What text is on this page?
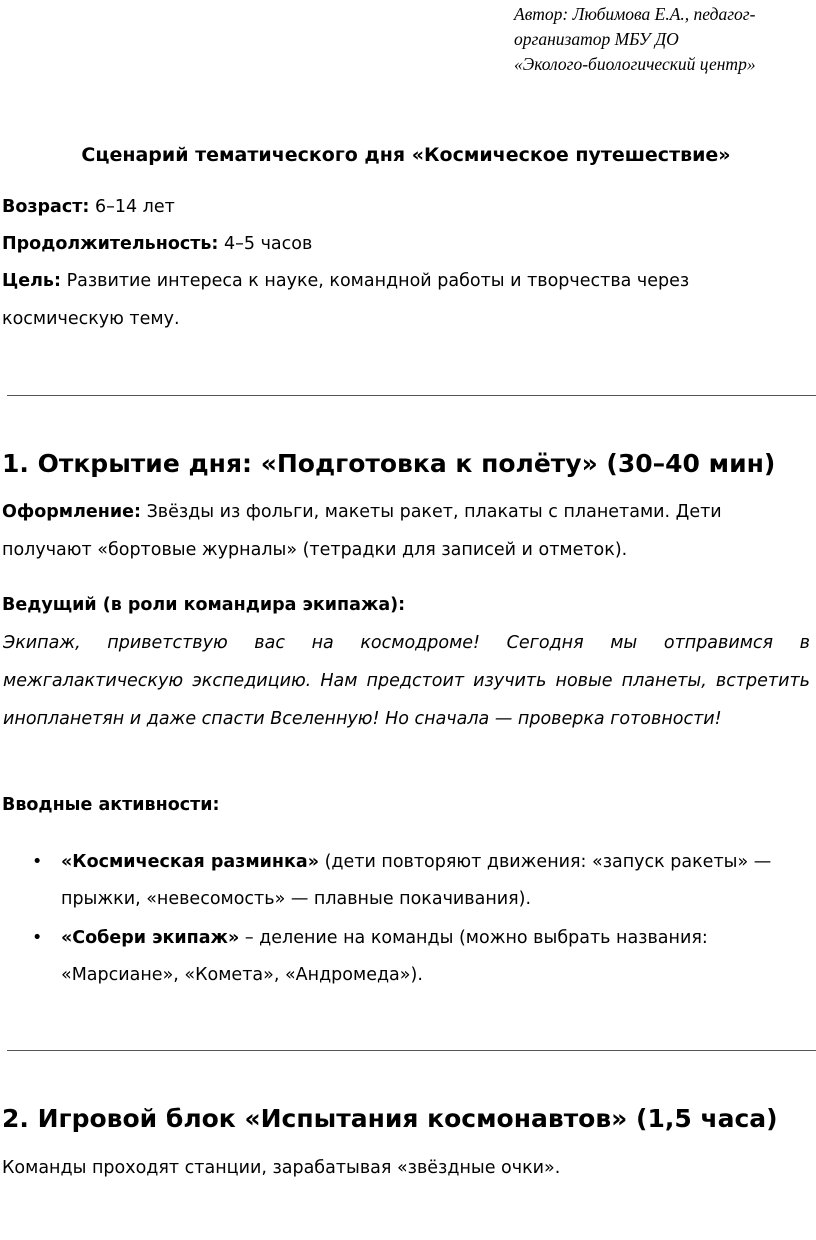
Автор: Любимова Е.А., педагог-
организатор МБУ ДО
«Эколого-биологический центр»
Сценарий тематического дня «Космическое путешествие»
Возраст: 6–14 лет
Продолжительность: 4–5 часов
Цель: Развитие интереса к науке, командной работы и творчества через
космическую тему.
1. Открытие дня: «Подготовка к полёту» (30–40 мин)
Оформление: Звёзды из фольги, макеты ракет, плакаты с планетами. Дети
получают «бортовые журналы» (тетрадки для записей и отметок).
Ведущий (в роли командира экипажа):
Экипаж, приветствую вас на космодроме! Сегодня мы отправимся в межгалактическую экспедицию. Нам предстоит изучить новые планеты, встретить инопланетян и даже спасти Вселенную! Но сначала — проверка готовности!
Вводные активности:
• «Космическая разминка» (дети повторяют движения: «запуск ракеты» —
прыжки, «невесомость» — плавные покачивания).
• «Собери экипаж» – деление на команды (можно выбрать названия:
«Марсиане», «Комета», «Андромеда»).
2. Игровой блок «Испытания космонавтов» (1,5 часа)
Команды проходят станции, зарабатывая «звёздные очки».
